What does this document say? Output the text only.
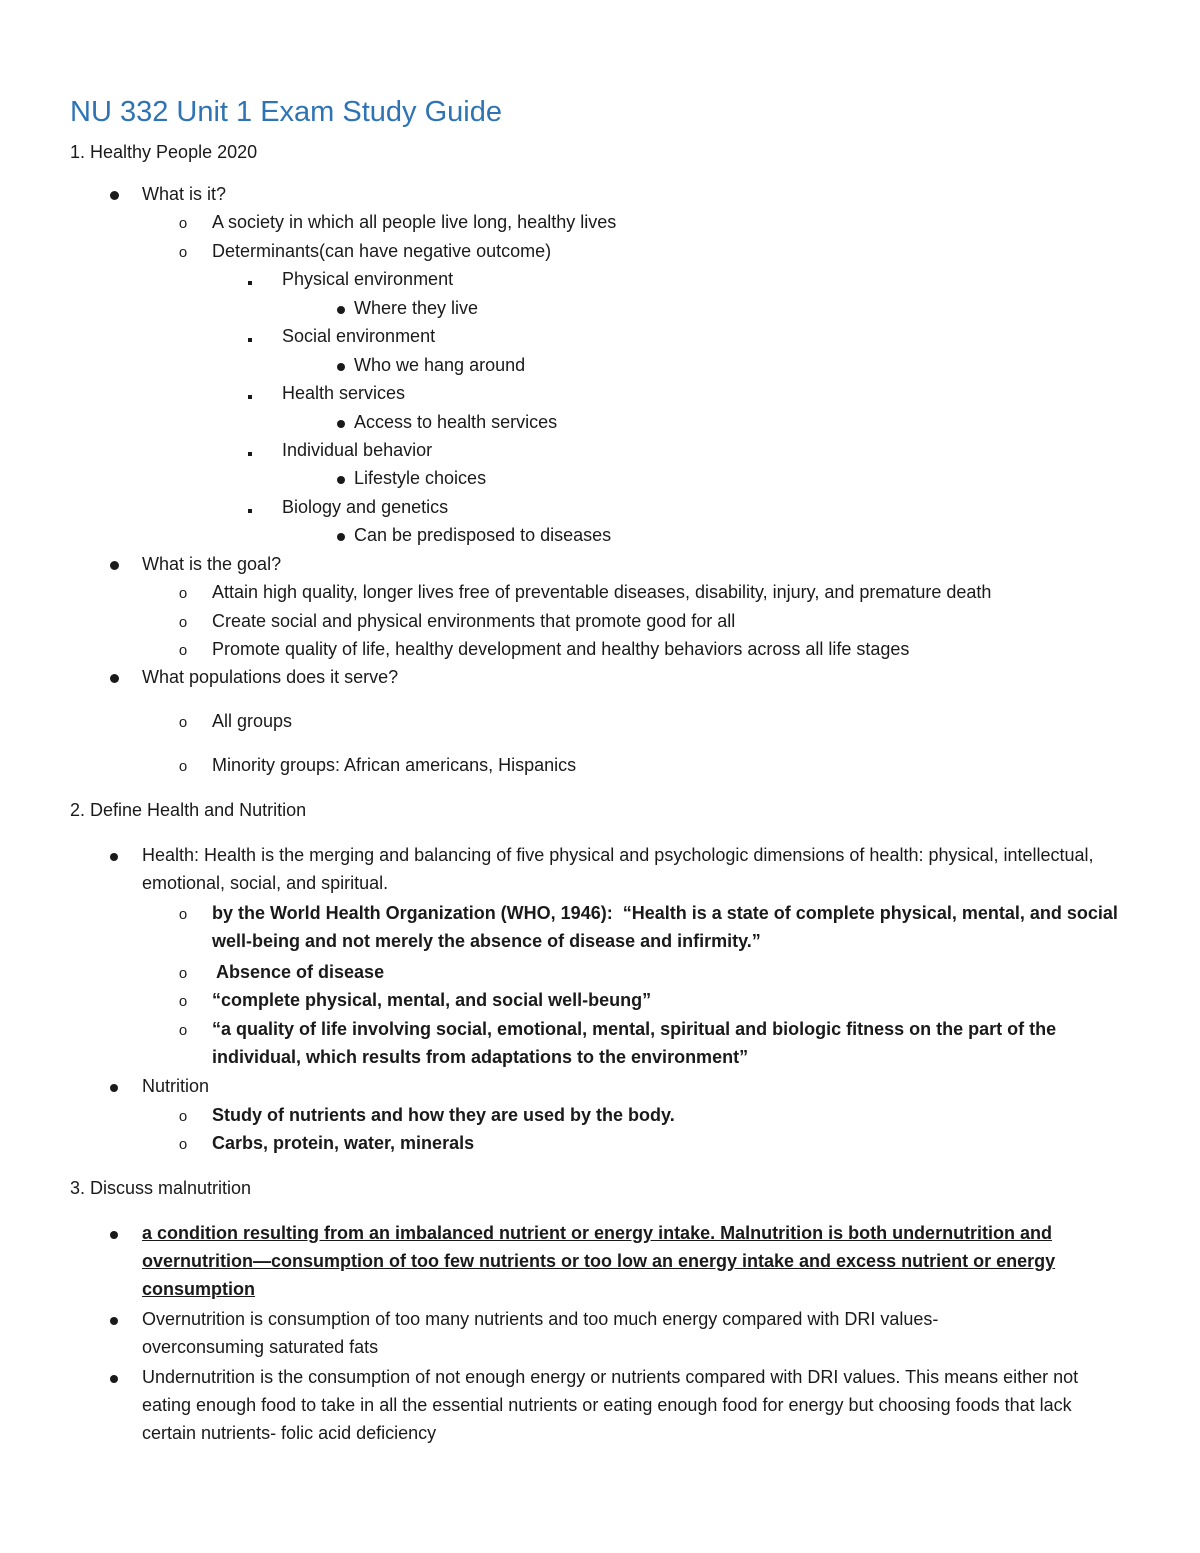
NU 332 Unit 1 Exam Study Guide
1. Healthy People 2020
What is it?
o	A society in which all people live long, healthy lives
o	Determinants(can have negative outcome)
Physical environment
Where they live
Social environment
Who we hang around
Health services
Access to health services
Individual behavior
Lifestyle choices
Biology and genetics
Can be predisposed to diseases
What is the goal?
o	Attain high quality, longer lives free of preventable diseases, disability, injury, and premature death
o	Create social and physical environments that promote good for all
o	Promote quality of life, healthy development and healthy behaviors across all life stages
What populations does it serve?
o	All groups
o	Minority groups: African americans, Hispanics
2. Define Health and Nutrition
Health: Health is the merging and balancing of five physical and psychologic dimensions of health: physical, intellectual, emotional, social, and spiritual.
o	by the World Health Organization (WHO, 1946): “Health is a state of complete physical, mental, and social well-being and not merely the absence of disease and infirmity.”
o	Absence of disease
o	“complete physical, mental, and social well-beung”
o	“a quality of life involving social, emotional, mental, spiritual and biologic fitness on the part of the individual, which results from adaptations to the environment”
Nutrition
o	Study of nutrients and how they are used by the body.
o	Carbs, protein, water, minerals
3. Discuss malnutrition
a condition resulting from an imbalanced nutrient or energy intake. Malnutrition is both undernutrition and overnutrition—consumption of too few nutrients or too low an energy intake and excess nutrient or energy consumption
Overnutrition is consumption of too many nutrients and too much energy compared with DRI values- overconsuming saturated fats
Undernutrition is the consumption of not enough energy or nutrients compared with DRI values. This means either not eating enough food to take in all the essential nutrients or eating enough food for energy but choosing foods that lack certain nutrients- folic acid deficiency
